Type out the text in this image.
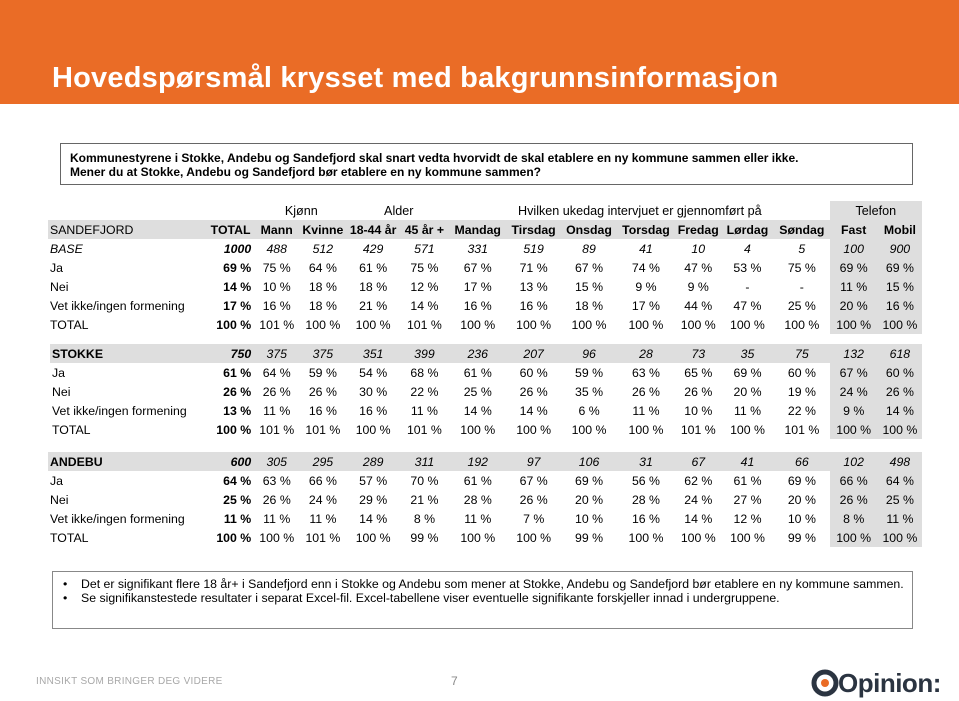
Hovedspørsmål krysset med bakgrunnsinformasjon
Kommunestyrene i Stokke, Andebu og Sandefjord skal snart vedta hvorvidt de skal etablere en ny kommune sammen eller ikke.
Mener du at Stokke, Andebu og Sandefjord bør etablere en ny kommune sammen?
		Kjønn		Alder		Hvilken ukedag intervjuet er gjennomført på							Telefon	
SANDEFJORD	TOTAL	Mann	Kvinne	18-44 år	45 år +	Mandag	Tirsdag	Onsdag	Torsdag	Fredag	Lørdag	Søndag	Fast	Mobil
BASE	1000	488	512	429	571	331	519	89	41	10	4	5	100	900
Ja	69 %	75 %	64 %	61 %	75 %	67 %	71 %	67 %	74 %	47 %	53 %	75 %	69 %	69 %
Nei	14 %	10 %	18 %	18 %	12 %	17 %	13 %	15 %	9 %	9 %	-	-	11 %	15 %
Vet ikke/ingen formening	17 %	16 %	18 %	21 %	14 %	16 %	16 %	18 %	17 %	44 %	47 %	25 %	20 %	16 %
TOTAL	100 %	101 %	100 %	100 %	101 %	100 %	100 %	100 %	100 %	100 %	100 %	100 %	100 %	100 %
STOKKE	750	375	375	351	399	236	207	96	28	73	35	75	132	618
Ja	61 %	64 %	59 %	54 %	68 %	61 %	60 %	59 %	63 %	65 %	69 %	60 %	67 %	60 %
Nei	26 %	26 %	26 %	30 %	22 %	25 %	26 %	35 %	26 %	26 %	20 %	19 %	24 %	26 %
Vet ikke/ingen formening	13 %	11 %	16 %	16 %	11 %	14 %	14 %	6 %	11 %	10 %	11 %	22 %	9 %	14 %
TOTAL	100 %	101 %	101 %	100 %	101 %	100 %	100 %	100 %	100 %	101 %	100 %	101 %	100 %	100 %
ANDEBU	600	305	295	289	311	192	97	106	31	67	41	66	102	498
Ja	64 %	63 %	66 %	57 %	70 %	61 %	67 %	69 %	56 %	62 %	61 %	69 %	66 %	64 %
Nei	25 %	26 %	24 %	29 %	21 %	28 %	26 %	20 %	28 %	24 %	27 %	20 %	26 %	25 %
Vet ikke/ingen formening	11 %	11 %	11 %	14 %	8 %	11 %	7 %	10 %	16 %	14 %	12 %	10 %	8 %	11 %
TOTAL	100 %	100 %	101 %	100 %	99 %	100 %	100 %	99 %	100 %	100 %	100 %	99 %	100 %	100 %
• Det er signifikant flere 18 år+ i Sandefjord enn i Stokke og Andebu som mener at Stokke, Andebu og Sandefjord bør etablere en ny kommune sammen.
• Se signifikanstestede resultater i separat Excel-fil. Excel-tabellene viser eventuelle signifikante forskjeller innad i undergruppene.
INNSIKT SOM BRINGER DEG VIDERE	7	Opinion:
